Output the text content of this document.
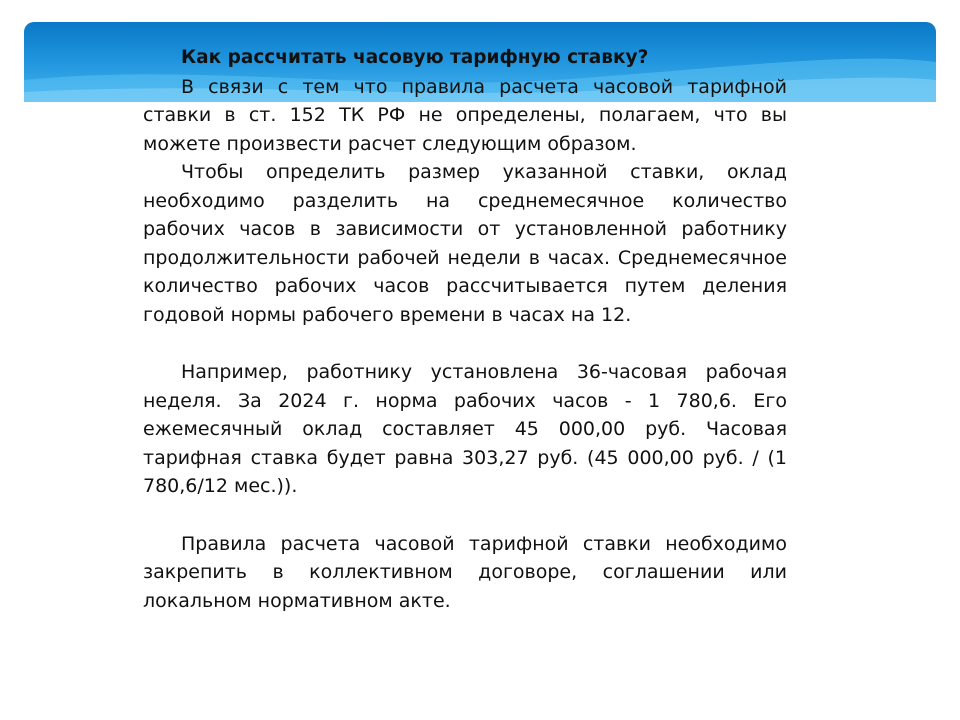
Как рассчитать часовую тарифную ставку?

В связи с тем что правила расчета часовой тарифной ставки в ст. 152 ТК РФ не определены, полагаем, что вы можете произвести расчет следующим образом.

Чтобы определить размер указанной ставки, оклад необходимо разделить на среднемесячное количество рабочих часов в зависимости от установленной работнику продолжительности рабочей недели в часах. Среднемесячное количество рабочих часов рассчитывается путем деления годовой нормы рабочего времени в часах на 12.

Например, работнику установлена 36-часовая рабочая неделя. За 2024 г. норма рабочих часов - 1 780,6. Его ежемесячный оклад составляет 45 000,00 руб. Часовая тарифная ставка будет равна 303,27 руб. (45 000,00 руб. / (1 780,6/12 мес.)).

Правила расчета часовой тарифной ставки необходимо закрепить в коллективном договоре, соглашении или локальном нормативном акте.
